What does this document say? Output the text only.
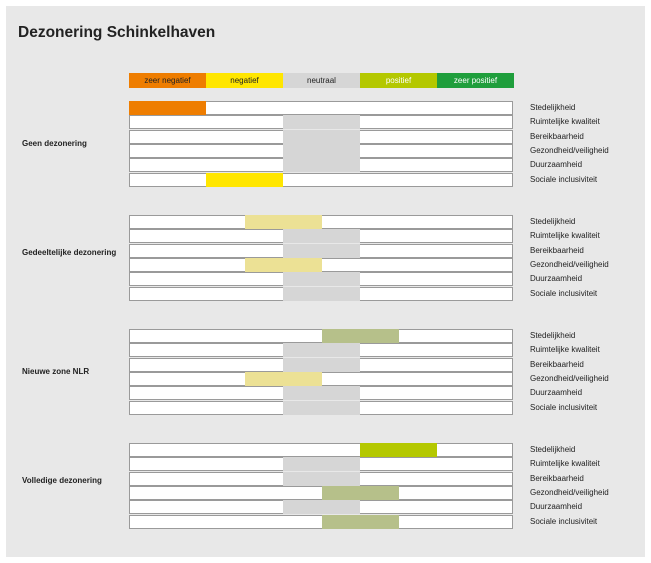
Dezonering Schinkelhaven
zeer negatief	negatief	neutraal	positief	zeer positief
Geen dezonering
Stedelijkheid
Ruimtelijke kwaliteit
Bereikbaarheid
Gezondheid/veiligheid
Duurzaamheid
Sociale inclusiviteit
Gedeeltelijke dezonering
Stedelijkheid
Ruimtelijke kwaliteit
Bereikbaarheid
Gezondheid/veiligheid
Duurzaamheid
Sociale inclusiviteit
Nieuwe zone NLR
Stedelijkheid
Ruimtelijke kwaliteit
Bereikbaarheid
Gezondheid/veiligheid
Duurzaamheid
Sociale inclusiviteit
Volledige dezonering
Stedelijkheid
Ruimtelijke kwaliteit
Bereikbaarheid
Gezondheid/veiligheid
Duurzaamheid
Sociale inclusiviteit
